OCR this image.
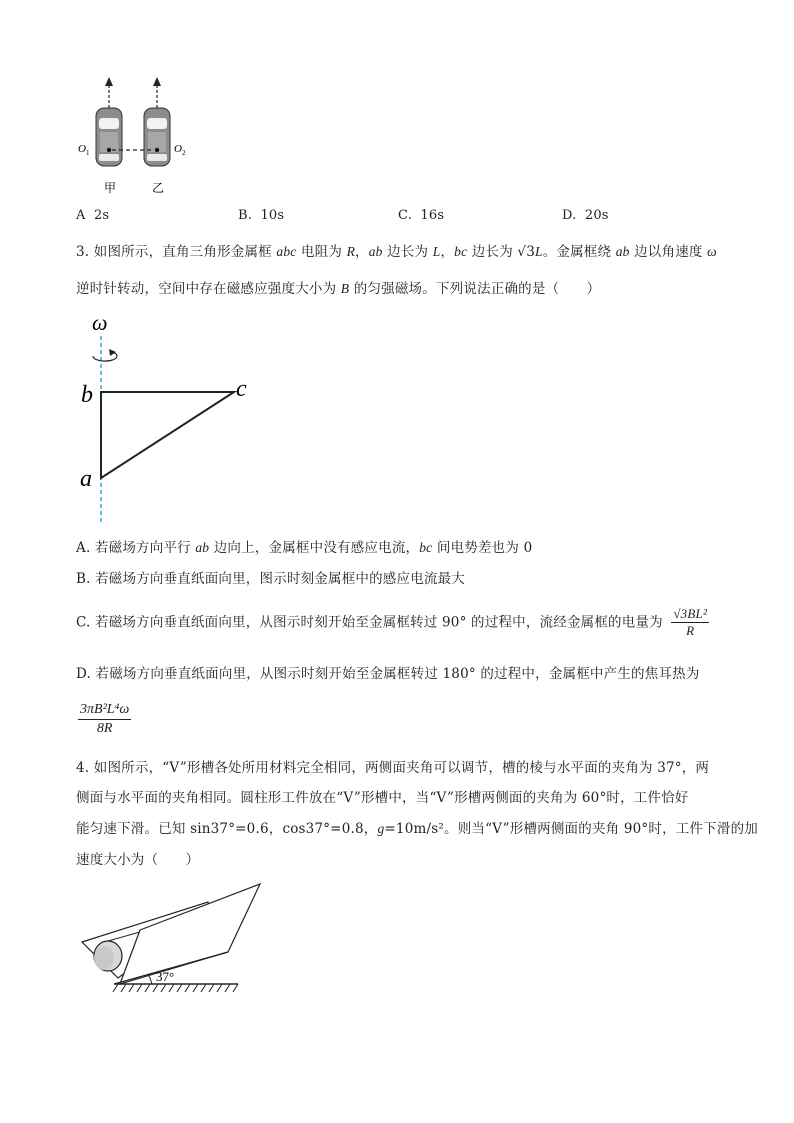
O 1	O 2
甲	乙
A 2s	B. 10s	C. 16s	D. 20s
3. 如图所示，直角三角形金属框 abc 电阻为 R，ab 边长为 L，bc 边长为 √3L。金属框绕 ab 边以角速度 ω
逆时针转动，空间中存在磁感应强度大小为 B 的匀强磁场。下列说法正确的是（　　）
ω
b	c
a
A. 若磁场方向平行 ab 边向上，金属框中没有感应电流，bc 间电势差也为 0
B. 若磁场方向垂直纸面向里，图示时刻金属框中的感应电流最大
C. 若磁场方向垂直纸面向里，从图示时刻开始至金属框转过 90° 的过程中，流经金属框的电量为 $\frac{\text{√3BL²}}{R}$
D. 若磁场方向垂直纸面向里，从图示时刻开始至金属框转过 180° 的过程中，金属框中产生的焦耳热为
$\frac{\text{3πB²L⁴ω}}{8R}$
4. 如图所示，“V”形槽各处所用材料完全相同，两侧面夹角可以调节，槽的棱与水平面的夹角为 37°，两
侧面与水平面的夹角相同。圆柱形工件放在“V”形槽中，当“V”形槽两侧面的夹角为 60°时，工件恰好
能匀速下滑。已知 sin37°=0.6，cos37°=0.8，g=10m/s²。则当“V”形槽两侧面的夹角 90°时，工件下滑的加
速度大小为（　　）
37°
